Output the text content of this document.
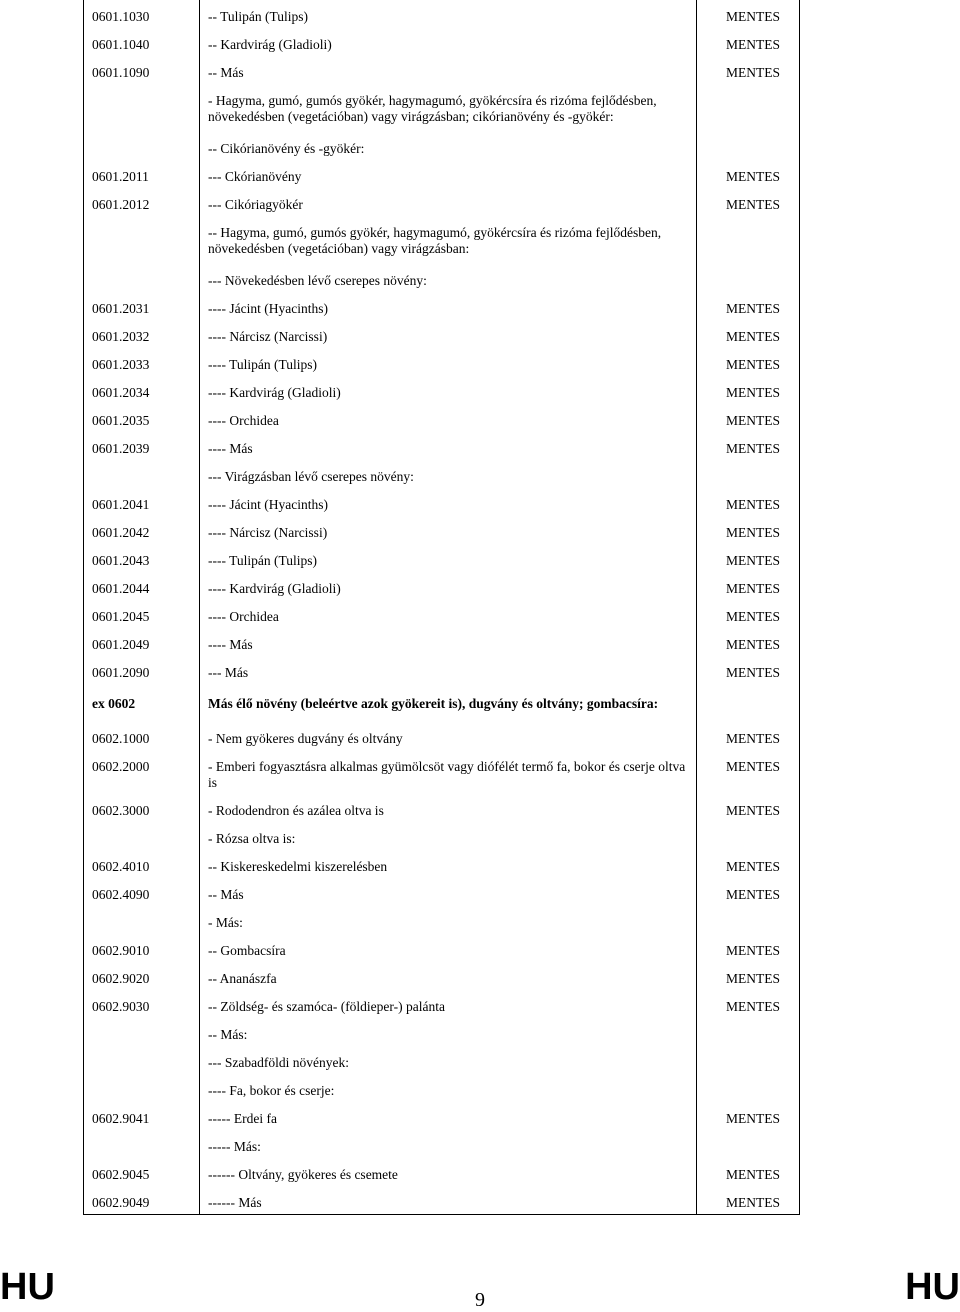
0601.1030	-- Tulipán (Tulips)	MENTES
0601.1040	-- Kardvirág (Gladioli)	MENTES
0601.1090	-- Más	MENTES
	- Hagyma, gumó, gumós gyökér, hagymagumó, gyökércsíra és rizóma fejlődésben, növekedésben (vegetációban) vagy virágzásban; cikórianövény és -gyökér:	
	-- Cikórianövény és -gyökér:	
0601.2011	--- Ckórianövény	MENTES
0601.2012	--- Cikóriagyökér	MENTES
	-- Hagyma, gumó, gumós gyökér, hagymagumó, gyökércsíra és rizóma fejlődésben, növekedésben (vegetációban) vagy virágzásban:	
	--- Növekedésben lévő cserepes növény:	
0601.2031	---- Jácint (Hyacinths)	MENTES
0601.2032	---- Nárcisz (Narcissi)	MENTES
0601.2033	---- Tulipán (Tulips)	MENTES
0601.2034	---- Kardvirág (Gladioli)	MENTES
0601.2035	---- Orchidea	MENTES
0601.2039	---- Más	MENTES
	--- Virágzásban lévő cserepes növény:	
0601.2041	---- Jácint (Hyacinths)	MENTES
0601.2042	---- Nárcisz (Narcissi)	MENTES
0601.2043	---- Tulipán (Tulips)	MENTES
0601.2044	---- Kardvirág (Gladioli)	MENTES
0601.2045	---- Orchidea	MENTES
0601.2049	---- Más	MENTES
0601.2090	--- Más	MENTES
ex 0602	Más élő növény (beleértve azok gyökereit is), dugvány és oltvány; gombacsíra:	
0602.1000	- Nem gyökeres dugvány és oltvány	MENTES
0602.2000	- Emberi fogyasztásra alkalmas gyümölcsöt vagy diófélét termő fa, bokor és cserje oltva is	MENTES
0602.3000	- Rododendron és azálea oltva is	MENTES
	- Rózsa oltva is:	
0602.4010	-- Kiskereskedelmi kiszerelésben	MENTES
0602.4090	-- Más	MENTES
	- Más:	
0602.9010	-- Gombacsíra	MENTES
0602.9020	-- Ananászfa	MENTES
0602.9030	-- Zöldség- és szamóca- (földieper-) palánta	MENTES
	-- Más:	
	--- Szabadföldi növények:	
	---- Fa, bokor és cserje:	
0602.9041	----- Erdei fa	MENTES
	----- Más:	
0602.9045	------ Oltvány, gyökeres és csemete	MENTES
0602.9049	------ Más	MENTES
HU	9	HU
